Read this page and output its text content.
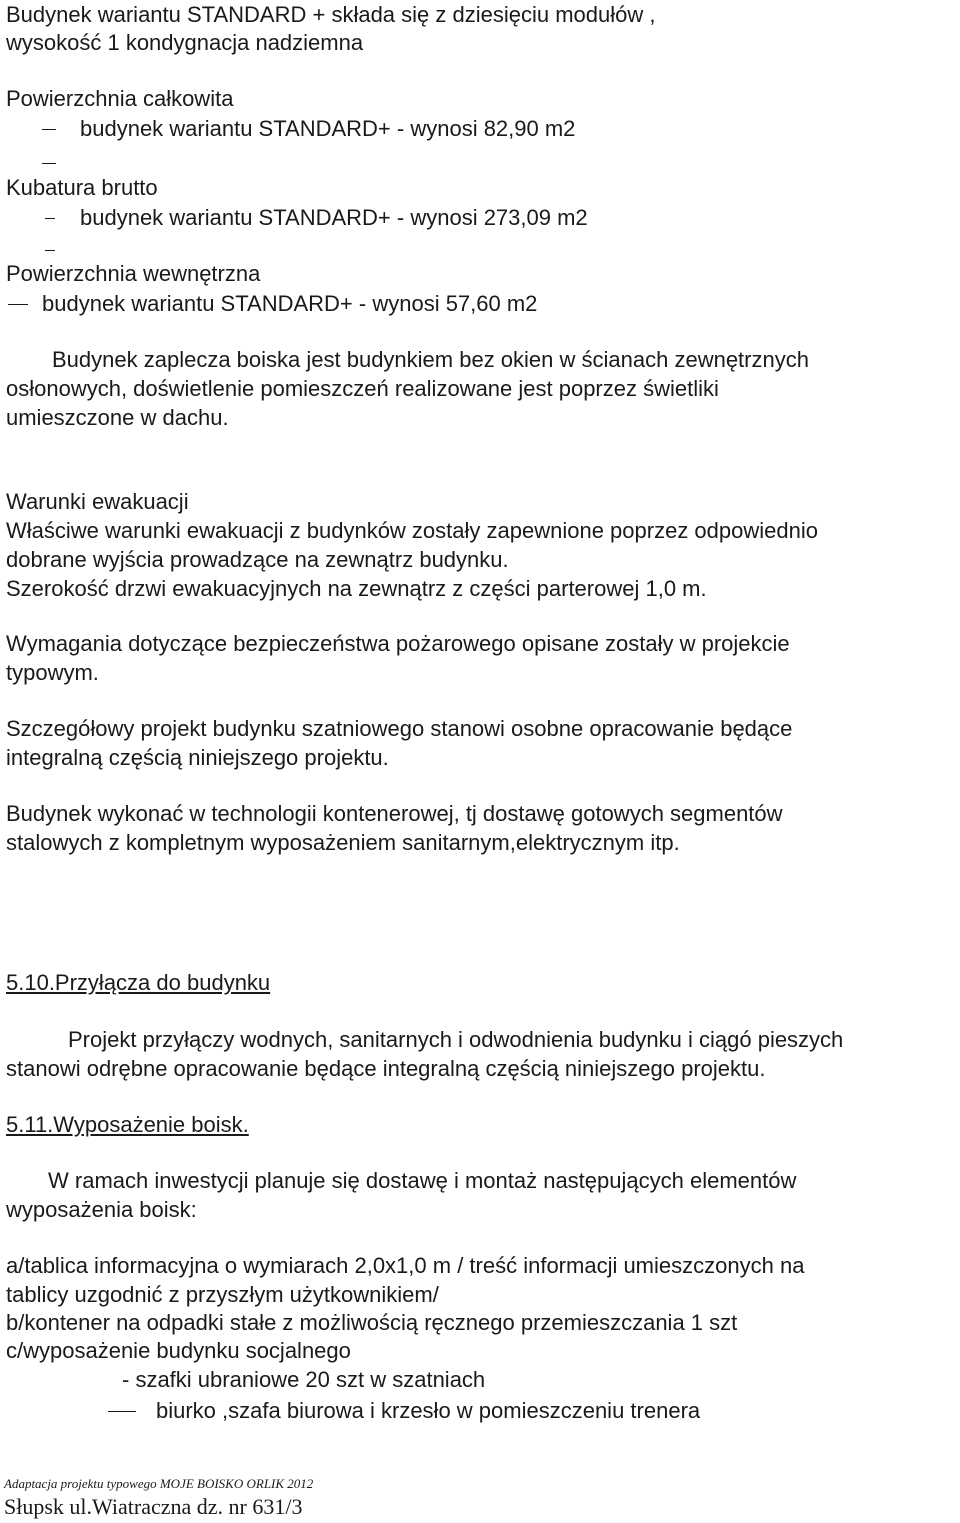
Budynek wariantu STANDARD + składa się z dziesięciu modułów ,
wysokość 1 kondygnacja nadziemna
Powierzchnia całkowita
budynek wariantu STANDARD+ - wynosi 82,90 m2
Kubatura brutto
budynek wariantu STANDARD+ - wynosi 273,09 m2
Powierzchnia wewnętrzna
budynek wariantu STANDARD+ - wynosi 57,60 m2
Budynek zaplecza boiska jest budynkiem bez okien w ścianach zewnętrznych
osłonowych, doświetlenie pomieszczeń realizowane jest poprzez świetliki
umieszczone w dachu.
Warunki ewakuacji
Właściwe warunki ewakuacji z budynków zostały zapewnione poprzez odpowiednio
dobrane wyjścia prowadzące na zewnątrz budynku.
Szerokość drzwi ewakuacyjnych na zewnątrz z części parterowej 1,0 m.
Wymagania dotyczące bezpieczeństwa pożarowego opisane zostały w projekcie
typowym.
Szczegółowy projekt budynku szatniowego stanowi osobne opracowanie będące
integralną częścią niniejszego projektu.
Budynek wykonać w technologii kontenerowej, tj dostawę gotowych segmentów
stalowych z kompletnym wyposażeniem sanitarnym,elektrycznym itp.
5.10.Przyłącza do budynku
Projekt przyłączy wodnych, sanitarnych i odwodnienia budynku i ciągó pieszych
stanowi odrębne opracowanie będące integralną częścią niniejszego projektu.
5.11.Wyposażenie boisk.
W ramach inwestycji planuje się dostawę i montaż następujących elementów
wyposażenia boisk:
a/tablica informacyjna o wymiarach 2,0x1,0 m / treść informacji umieszczonych na
tablicy uzgodnić z przyszłym użytkownikiem/
b/kontener na odpadki stałe z możliwością ręcznego przemieszczania 1 szt
c/wyposażenie budynku socjalnego
- szafki ubraniowe 20 szt w szatniach
biurko ,szafa biurowa i krzesło w pomieszczeniu trenera
Adaptacja projektu typowego MOJE BOISKO ORLIK 2012
Słupsk ul.Wiatraczna dz. nr 631/3
